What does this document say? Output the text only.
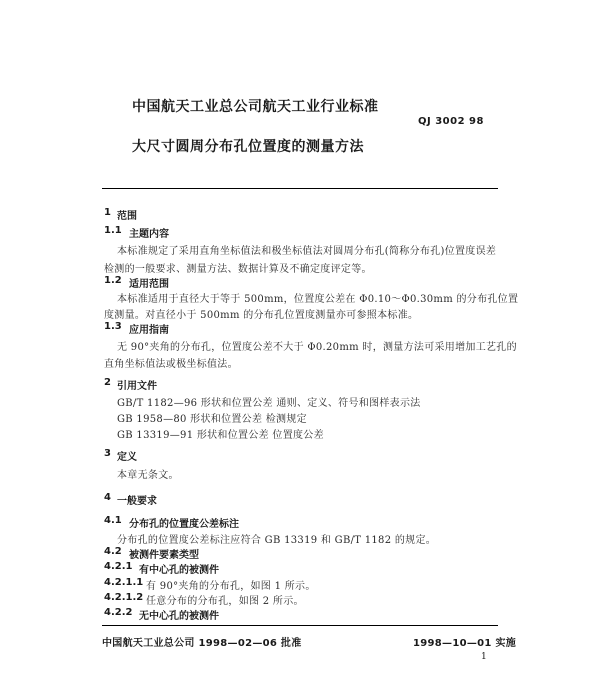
中国航天工业总公司航天工业行业标准
QJ 3002 98
大尺寸圆周分布孔位置度的测量方法
1 范围
1.1 主题内容
本标准规定了采用直角坐标值法和极坐标值法对圆周分布孔(简称分布孔)位置度误差
检测的一般要求、测量方法、数据计算及不确定度评定等。
1.2 适用范围
本标准适用于直径大于等于 500mm，位置度公差在 Φ0.10～Φ0.30mm 的分布孔位置
度测量。对直径小于 500mm 的分布孔位置度测量亦可参照本标准。
1.3 应用指南
无 90°夹角的分布孔，位置度公差不大于 Φ0.20mm 时，测量方法可采用增加工艺孔的
直角坐标值法或极坐标值法。
2 引用文件
GB/T 1182—96 形状和位置公差 通则、定义、符号和图样表示法
GB 1958—80 形状和位置公差 检测规定
GB 13319—91 形状和位置公差 位置度公差
3 定义
本章无条文。
4 一般要求
4.1 分布孔的位置度公差标注
分布孔的位置度公差标注应符合 GB 13319 和 GB/T 1182 的规定。
4.2 被测件要素类型
4.2.1 有中心孔的被测件
4.2.1.1 有 90°夹角的分布孔，如图 1 所示。
4.2.1.2 任意分布的分布孔，如图 2 所示。
4.2.2 无中心孔的被测件
中国航天工业总公司 1998—02—06 批准	1998—10—01 实施
1
